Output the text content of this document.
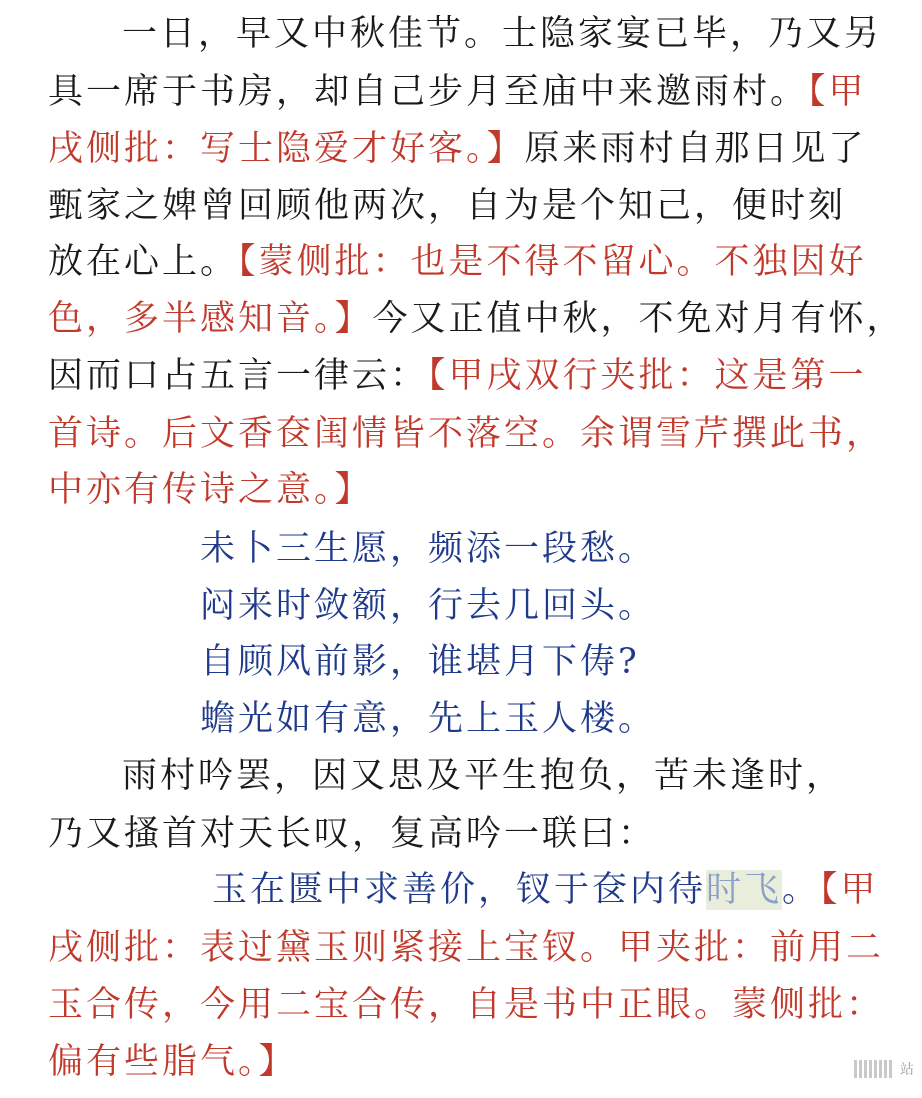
一日，早又中秋佳节。士隐家宴已毕，乃又另
具一席于书房，却自己步月至庙中来邀雨村。【甲
戌侧批：写士隐爱才好客。】原来雨村自那日见了
甄家之婢曾回顾他两次，自为是个知己，便时刻
放在心上。【蒙侧批：也是不得不留心。不独因好
色，多半感知音。】今又正值中秋，不免对月有怀，
因而口占五言一律云：【甲戌双行夹批：这是第一
首诗。后文香奁闺情皆不落空。余谓雪芹撰此书，
中亦有传诗之意。】
未卜三生愿，频添一段愁。
闷来时敛额，行去几回头。
自顾风前影，谁堪月下俦?
蟾光如有意，先上玉人楼。
雨村吟罢，因又思及平生抱负，苦未逢时，
乃又搔首对天长叹，复高吟一联曰：
玉在匮中求善价，钗于奁内待时飞。【甲
戌侧批：表过黛玉则紧接上宝钗。甲夹批：前用二
玉合传，今用二宝合传，自是书中正眼。蒙侧批：
偏有些脂气。】	站
